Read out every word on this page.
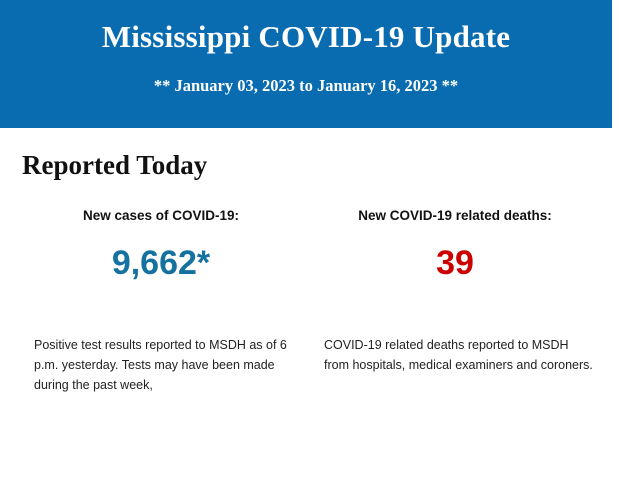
Mississippi COVID-19 Update

** January 03, 2023 to January 16, 2023 **

Reported Today
New cases of COVID-19:
9,662*
Positive test results reported to MSDH as of 6 p.m. yesterday. Tests may have been made during the past week,
New COVID-19 related deaths:
39
COVID-19 related deaths reported to MSDH from hospitals, medical examiners and coroners.
